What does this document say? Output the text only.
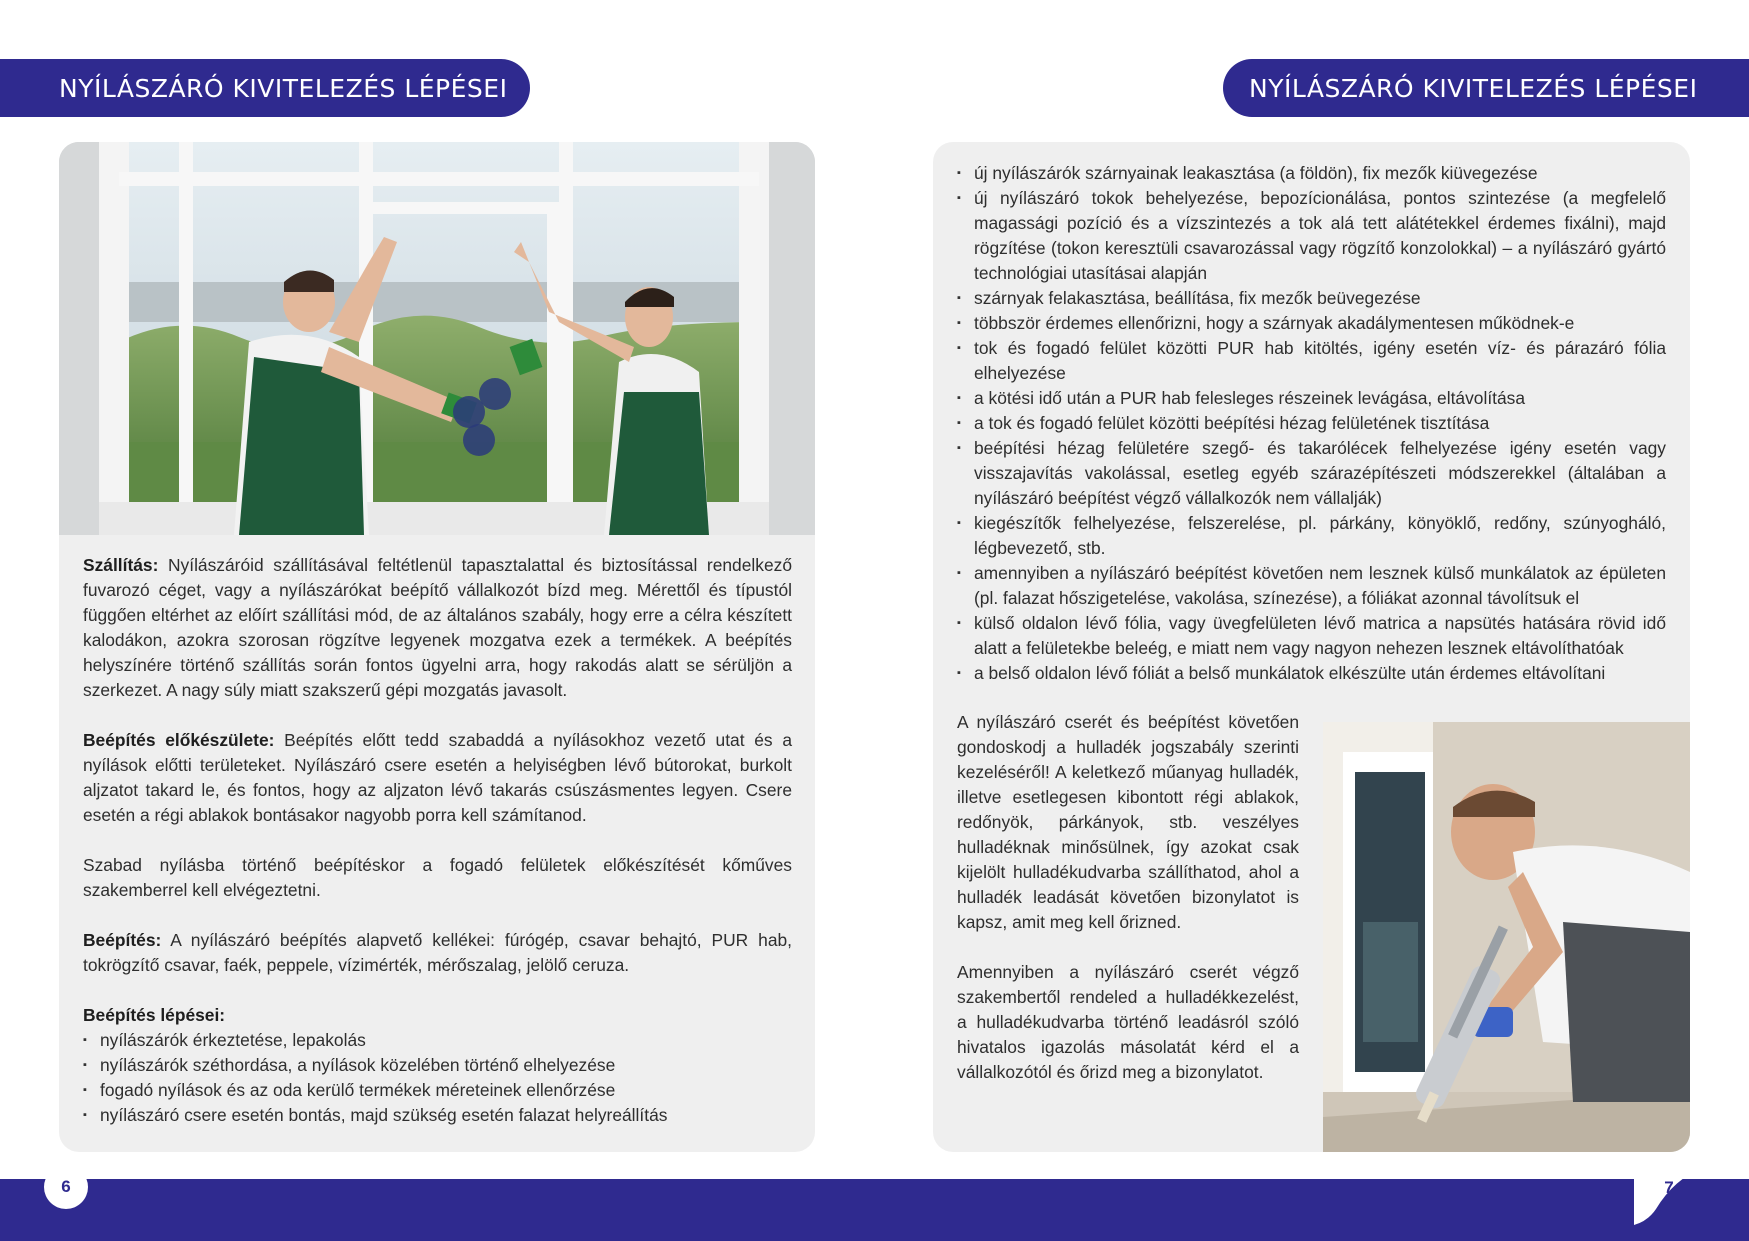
NYÍLÁSZÁRÓ KIVITELEZÉS LÉPÉSEI	NYÍLÁSZÁRÓ KIVITELEZÉS LÉPÉSEI

Szállítás: Nyílászáróid szállításával feltétlenül tapasztalattal és biztosítással rendelkező fuvarozó céget, vagy a nyílászárókat beépítő vállalkozót bízd meg. Mérettől és típustól függően eltérhet az előírt szállítási mód, de az általános szabály, hogy erre a célra készített kalodákon, azokra szorosan rögzítve legyenek mozgatva ezek a termékek. A beépítés helyszínére történő szállítás során fontos ügyelni arra, hogy rakodás alatt se sérüljön a szerkezet. A nagy súly miatt szakszerű gépi mozgatás javasolt.

Beépítés előkészülete: Beépítés előtt tedd szabaddá a nyílásokhoz vezető utat és a nyílások előtti területeket. Nyílászáró csere esetén a helyiségben lévő bútorokat, burkolt aljzatot takard le, és fontos, hogy az aljzaton lévő takarás csúszásmentes legyen. Csere esetén a régi ablakok bontásakor nagyobb porra kell számítanod.

Szabad nyílásba történő beépítéskor a fogadó felületek előkészítését kőműves szakemberrel kell elvégeztetni.

Beépítés: A nyílászáró beépítés alapvető kellékei: fúrógép, csavar behajtó, PUR hab, tokrögzítő csavar, faék, peppele, vízimérték, mérőszalag, jelölő ceruza.

Beépítés lépései:
▪ nyílászárók érkeztetése, lepakolás
▪ nyílászárók széthordása, a nyílások közelében történő elhelyezése
▪ fogadó nyílások és az oda kerülő termékek méreteinek ellenőrzése
▪ nyílászáró csere esetén bontás, majd szükség esetén falazat helyreállítás
▪ új nyílászárók szárnyainak leakasztása (a földön), fix mezők kiüvegezése
▪ új nyílászáró tokok behelyezése, bepozícionálása, pontos szintezése (a megfelelő magassági pozíció és a vízszintezés a tok alá tett alátétekkel érdemes fixálni), majd rögzítése (tokon keresztüli csavarozással vagy rögzítő konzolokkal) – a nyílászáró gyártó technológiai utasításai alapján
▪ szárnyak felakasztása, beállítása, fix mezők beüvegezése
▪ többször érdemes ellenőrizni, hogy a szárnyak akadálymentesen működnek-e
▪ tok és fogadó felület közötti PUR hab kitöltés, igény esetén víz- és párazáró fólia elhelyezése
▪ a kötési idő után a PUR hab felesleges részeinek levágása, eltávolítása
▪ a tok és fogadó felület közötti beépítési hézag felületének tisztítása
▪ beépítési hézag felületére szegő- és takarólécek felhelyezése igény esetén vagy visszajavítás vakolással, esetleg egyéb szárazépítészeti módszerekkel (általában a nyílászáró beépítést végző vállalkozók nem vállalják)
▪ kiegészítők felhelyezése, felszerelése, pl. párkány, könyöklő, redőny, szúnyogháló, légbevezető, stb.
▪ amennyiben a nyílászáró beépítést követően nem lesznek külső munkálatok az épületen (pl. falazat hőszigetelése, vakolása, színezése), a fóliákat azonnal távolítsuk el
▪ külső oldalon lévő fólia, vagy üvegfelületen lévő matrica a napsütés hatására rövid idő alatt a felületekbe beleég, e miatt nem vagy nagyon nehezen lesznek eltávolíthatóak
▪ a belső oldalon lévő fóliát a belső munkálatok elkészülte után érdemes eltávolítani

A nyílászáró cserét és beépítést követően gondoskodj a hulladék jogszabály szerinti kezeléséről! A keletkező műanyag hulladék, illetve esetlegesen kibontott régi ablakok, redőnyök, párkányok, stb. veszélyes hulladéknak minősülnek, így azokat csak kijelölt hulladékudvarba szállíthatod, ahol a hulladék leadását követően bizonylatot is kapsz, amit meg kell őrizned.

Amennyiben a nyílászáró cserét végző szakembertől rendeled a hulladékkezelést, a hulladékudvarba történő leadásról szóló hivatalos igazolás másolatát kérd el a vállalkozótól és őrizd meg a bizonylatot.

6	7
